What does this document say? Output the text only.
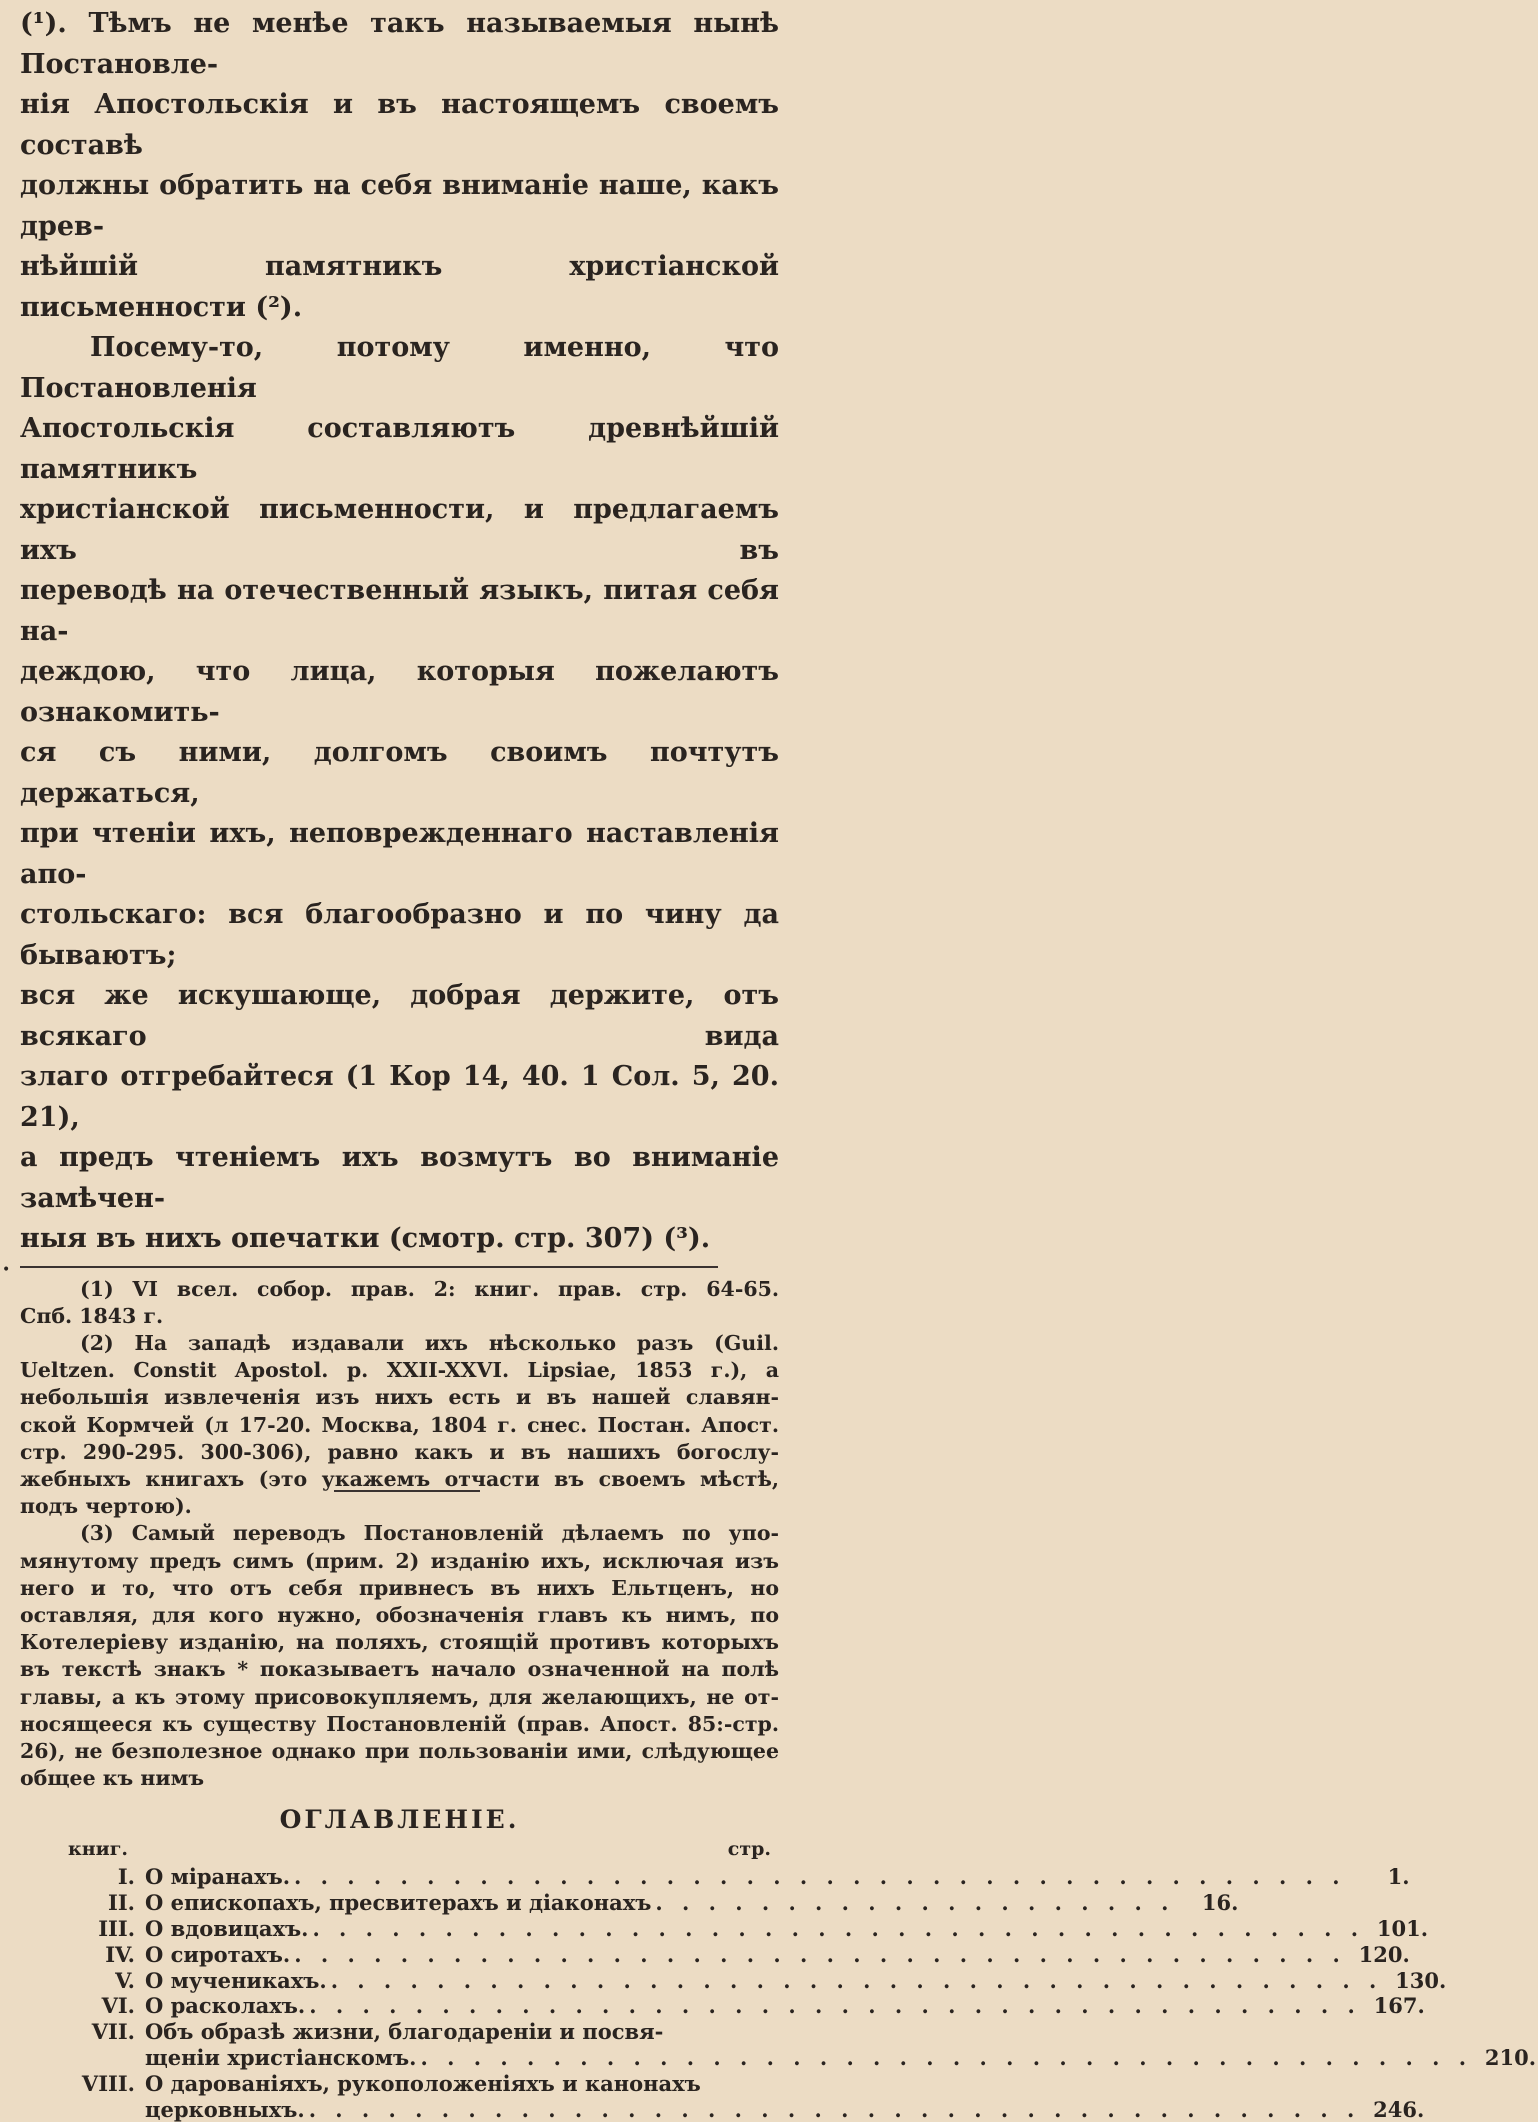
(¹). Тѣмъ не менѣе такъ называемыя нынѣ Постановле-

нія Апостольскія и въ настоящемъ своемъ составѣ

должны обратить на себя вниманіе наше, какъ древ-

нѣйшій памятникъ христіанской письменности (²).

Посему-то, потому именно, что Постановленія

Апостольскія составляютъ древнѣйшій памятникъ

христіанской письменности, и предлагаемъ ихъ въ

переводѣ на отечественный языкъ, питая себя на-

деждою, что лица, которыя пожелаютъ ознакомить-

ся съ ними, долгомъ своимъ почтутъ держаться,

при чтеніи ихъ, неповрежденнаго наставленія апо-

стольскаго: вся благообразно и по чину да бываютъ;

вся же искушающе, добрая держите, отъ всякаго вида

злаго отгребайтеся (1 Кор 14, 40. 1 Сол. 5, 20. 21),

а предъ чтеніемъ ихъ возмутъ во вниманіе замѣчен-

ныя въ нихъ опечатки (смотр. стр. 307) (³).

(1) VI всел. собор. прав. 2: книг. прав. стр. 64-65.

Спб. 1843 г.

(2) На западѣ издавали ихъ нѣсколько разъ (Guil.

Ueltzen. Constit Apostol. p. XXII-XXVI. Lipsiae, 1853 г.), а

небольшія извлеченія изъ нихъ есть и въ нашей славян-

ской Кормчей (л 17-20. Москва, 1804 г. снес. Постан. Апост.

стр. 290-295. 300-306), равно какъ и въ нашихъ богослу-

жебныхъ книгахъ (это укажемъ отчасти въ своемъ мѣстѣ,

подъ чертою).

(3) Самый переводъ Постановленій дѣлаемъ по упо-

мянутому предъ симъ (прим. 2) изданію ихъ, исключая изъ

него и то, что отъ себя привнесъ въ нихъ Ельтценъ, но

оставляя, для кого нужно, обозначенія главъ къ нимъ, по

Котелеріеву изданію, на поляхъ, стоящій противъ которыхъ

въ текстѣ знакъ * показываетъ начало означенной на полѣ

главы, а къ этому присовокупляемъ, для желающихъ, не от-

носящееся къ существу Постановленій (прав. Апост. 85:-стр.

26), не безполезное однако при пользованіи ими, слѣдующее

общее къ нимъ

ОГЛАВЛЕНІЕ.
книг.	стр.
I. О міранахъ. . . . . . . . . . . . . . . . . . . . . . . . . . . . . . . . . . . . . . . . .	1.
II. О епископахъ, пресвитерахъ и діаконахъ . . . . . . . . . . . . . . . . . . . .	16.
III. О вдовицахъ. . . . . . . . . . . . . . . . . . . . . . . . . . . . . . . . . . . . . . . . . 101.
IV. О сиротахъ. . . . . . . . . . . . . . . . . . . . . . . . . . . . . . . . . . . . . . . . . 120.
V. О мученикахъ. . . . . . . . . . . . . . . . . . . . . . . . . . . . . . . . . . . . . . . . . 130.
VI. О расколахъ. . . . . . . . . . . . . . . . . . . . . . . . . . . . . . . . . . . . . . . . . 167.
VII. Объ образѣ жизни, благодареніи и посвя-
щеніи христіанскомъ. . . . . . . . . . . . . . . . . . . . . . . . . . . . . . . . . . . . . . . . . 210.
VIII. О дарованіяхъ, рукоположеніяхъ и канонахъ
церковныхъ. . . . . . . . . . . . . . . . . . . . . . . . . . . . . . . . . . . . . . . . . 246.
•
